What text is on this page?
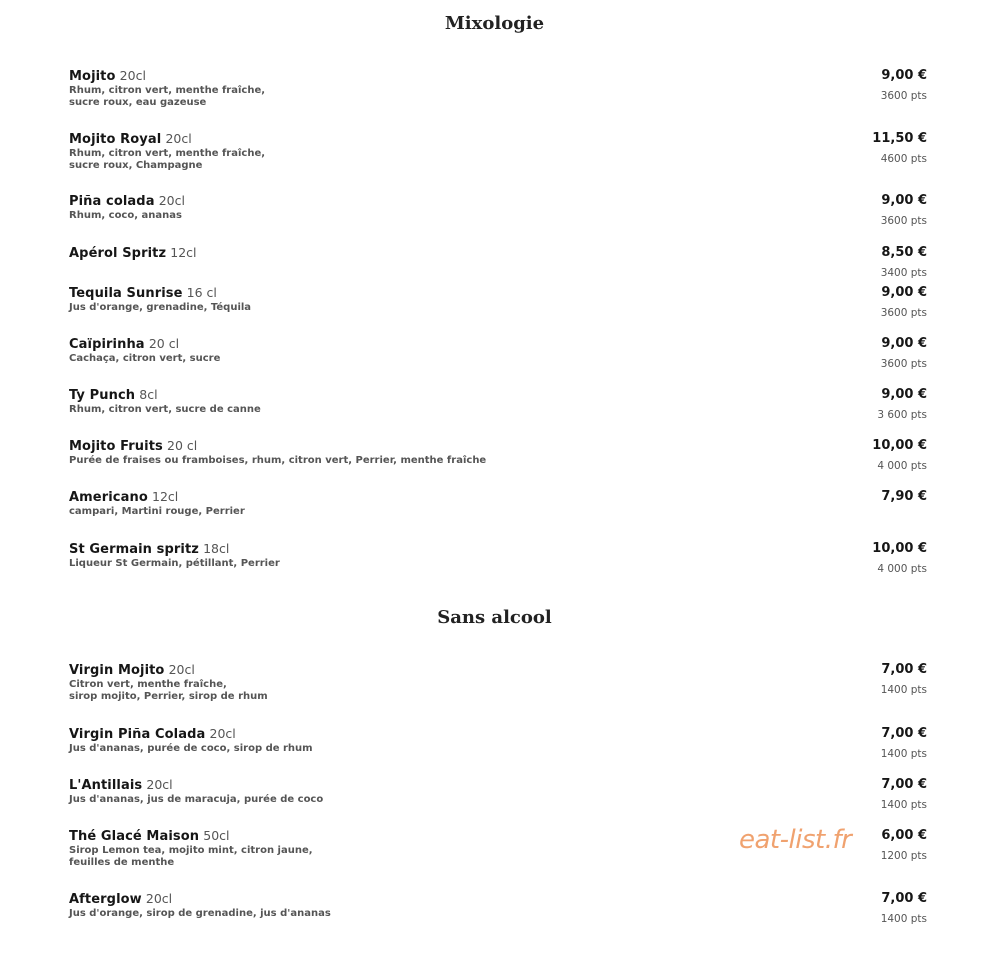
Mixologie
Sans alcool
Mojito 20cl
Rhum, citron vert, menthe fraîche,
sucre roux, eau gazeuse
9,00 €
3600 pts
Mojito Royal 20cl
Rhum, citron vert, menthe fraîche,
sucre roux, Champagne
11,50 €
4600 pts
Piña colada 20cl
Rhum, coco, ananas
9,00 €
3600 pts
Apérol Spritz 12cl	8,50 €
3400 pts
Tequila Sunrise 16 cl
Jus d'orange, grenadine, Téquila
9,00 €
3600 pts
Caïpirinha 20 cl
Cachaça, citron vert, sucre
9,00 €
3600 pts
Ty Punch 8cl
Rhum, citron vert, sucre de canne
9,00 €
3 600 pts
Mojito Fruits 20 cl
Purée de fraises ou framboises, rhum, citron vert, Perrier, menthe fraîche
10,00 €
4 000 pts
Americano 12cl
campari, Martini rouge, Perrier
7,90 €
St Germain spritz 18cl
Liqueur St Germain, pétillant, Perrier
10,00 €
4 000 pts
Virgin Mojito 20cl
Citron vert, menthe fraîche,
sirop mojito, Perrier, sirop de rhum
7,00 €
1400 pts
Virgin Piña Colada 20cl
Jus d'ananas, purée de coco, sirop de rhum
7,00 €
1400 pts
L'Antillais 20cl
Jus d'ananas, jus de maracuja, purée de coco
7,00 €
1400 pts
Thé Glacé Maison 50cl
Sirop Lemon tea, mojito mint, citron jaune,
feuilles de menthe
6,00 €
1200 pts
Afterglow 20cl
Jus d'orange, sirop de grenadine, jus d'ananas
7,00 €
1400 pts
eat-list.fr
